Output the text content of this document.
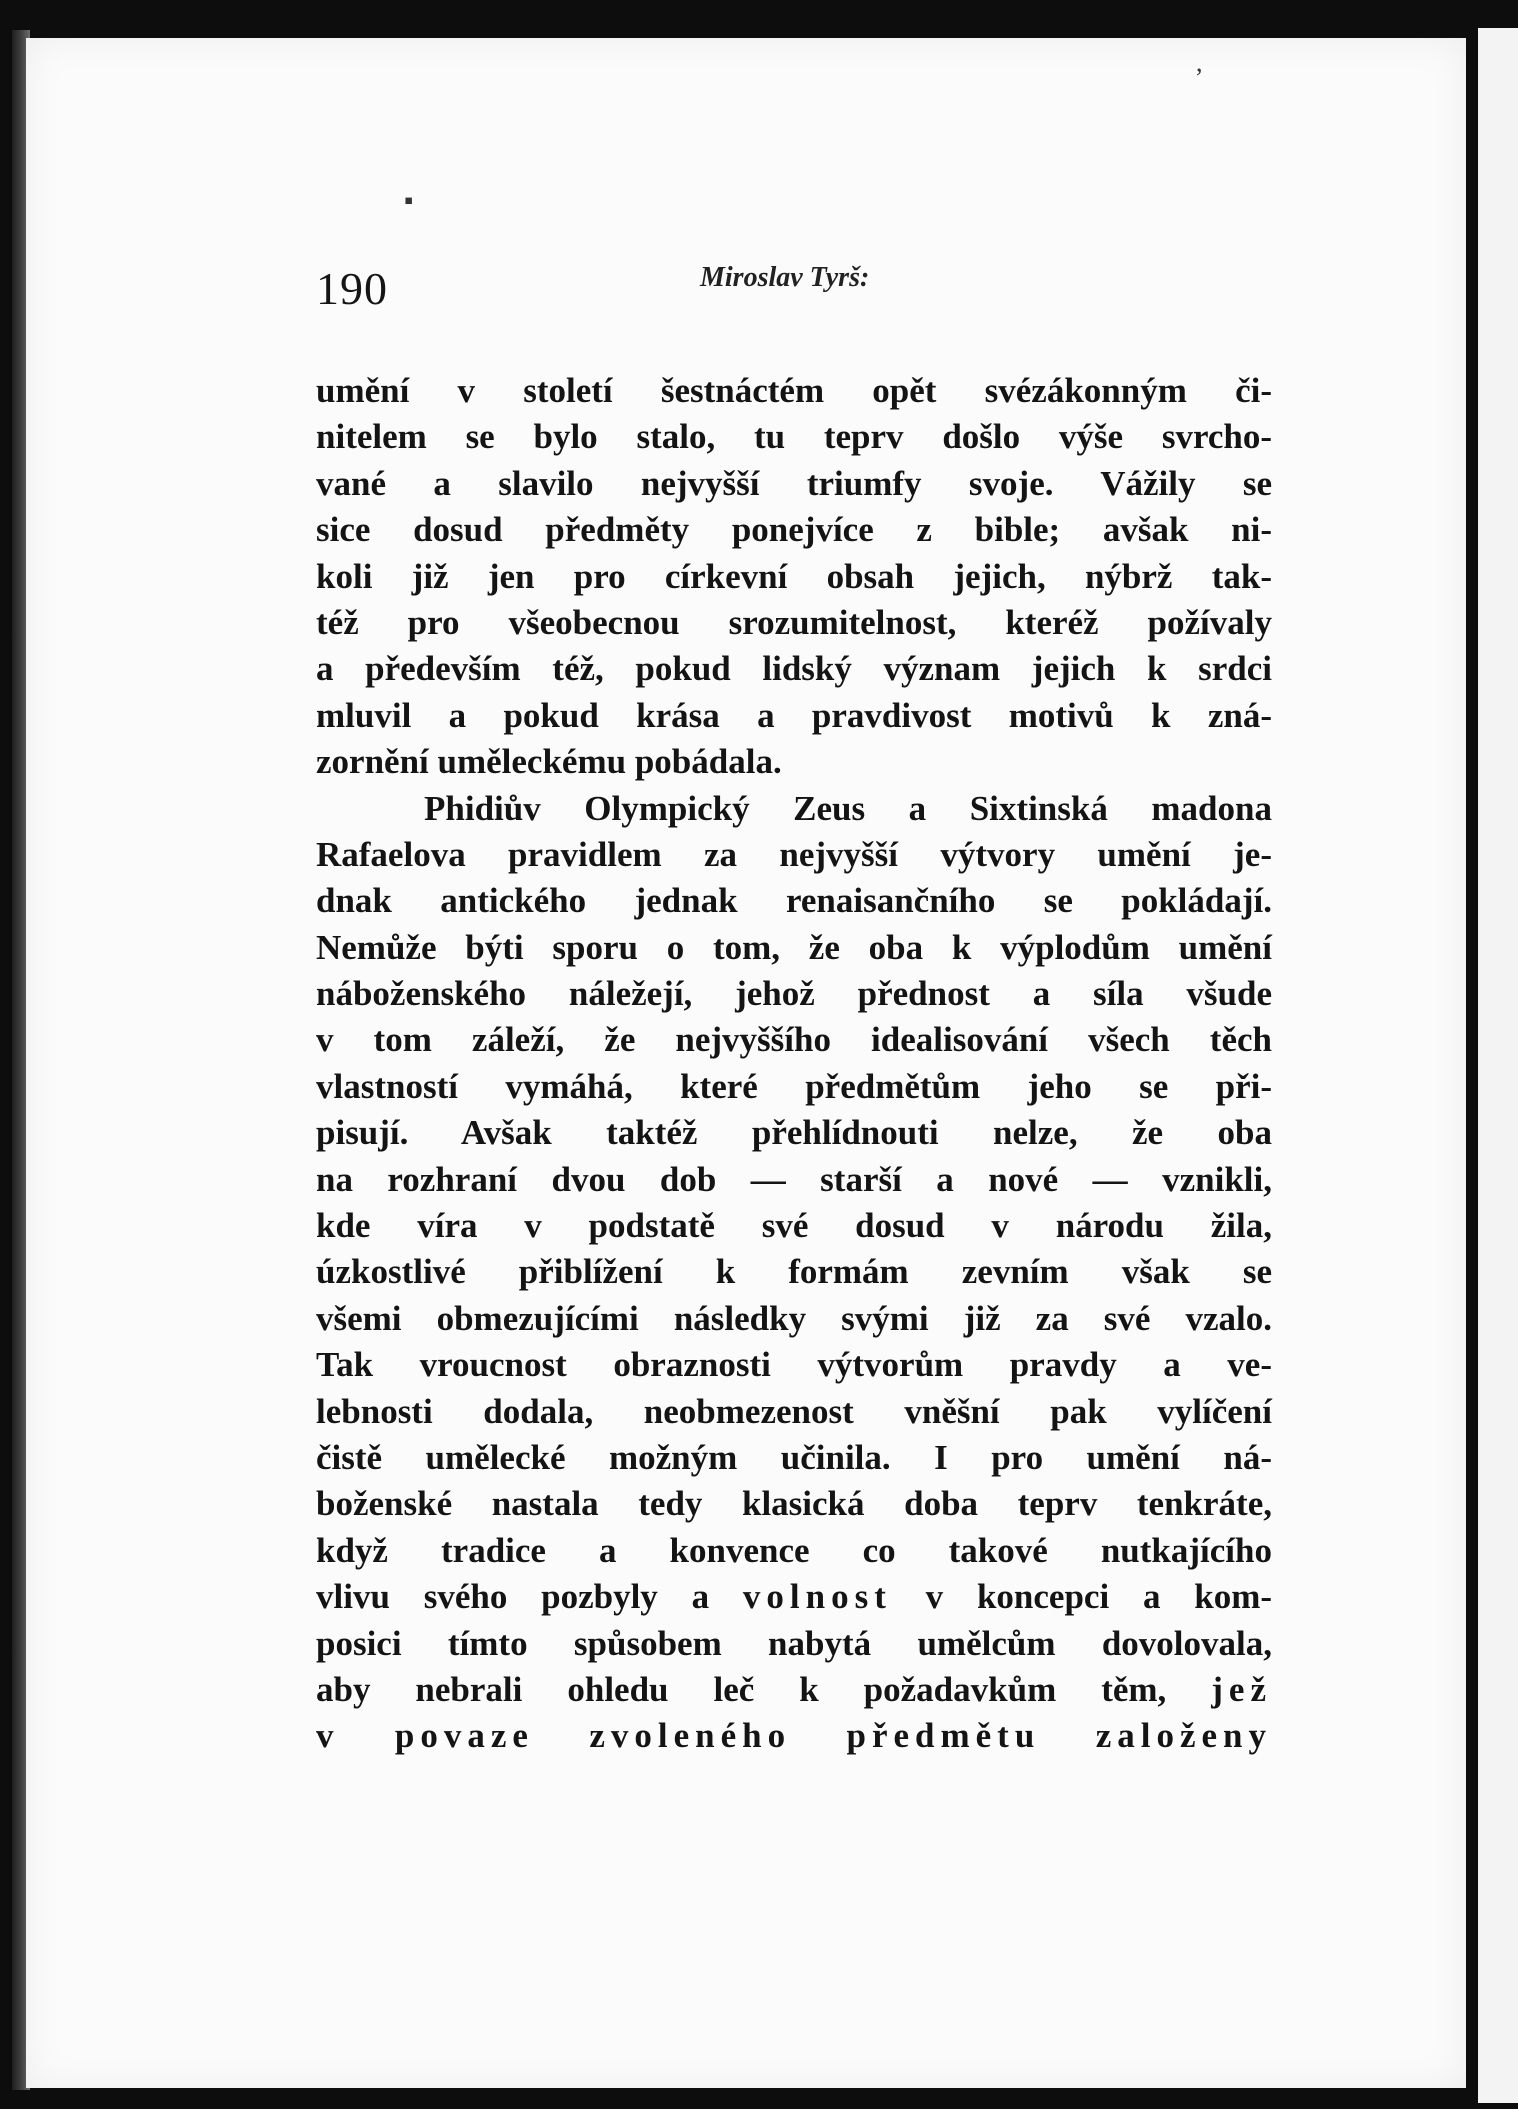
▪
,
190	Miroslav Tyrš:
umění v století šestnáctém opět svézákonným či-
nitelem se bylo stalo, tu teprv došlo výše svrcho-
vané a slavilo nejvyšší triumfy svoje. Vážily se
sice dosud předměty ponejvíce z bible; avšak ni-
koli již jen pro církevní obsah jejich, nýbrž tak-
též pro všeobecnou srozumitelnost, kteréž požívaly
a především též, pokud lidský význam jejich k srdci
mluvil a pokud krása a pravdivost motivů k zná-
zornění uměleckému pobádala.
Phidiův Olympický Zeus a Sixtinská madona
Rafaelova pravidlem za nejvyšší výtvory umění je-
dnak antického jednak renaisančního se pokládají.
Nemůže býti sporu o tom, že oba k výplodům umění
náboženského náležejí, jehož přednost a síla všude
v tom záleží, že nejvyššího idealisování všech těch
vlastností vymáhá, které předmětům jeho se při-
pisují. Avšak taktéž přehlídnouti nelze, že oba
na rozhraní dvou dob — starší a nové — vznikli,
kde víra v podstatě své dosud v národu žila,
úzkostlivé přiblížení k formám zevním však se
všemi obmezujícími následky svými již za své vzalo.
Tak vroucnost obraznosti výtvorům pravdy a ve-
lebnosti dodala, neobmezenost vněšní pak vylíčení
čistě umělecké možným učinila. I pro umění ná-
boženské nastala tedy klasická doba teprv tenkráte,
když tradice a konvence co takové nutkajícího
vlivu svého pozbyly a volnost v koncepci a kom-
posici tímto spůsobem nabytá umělcům dovolovala,
aby nebrali ohledu leč k požadavkům těm, jež
v povaze zvoleného předmětu založeny
